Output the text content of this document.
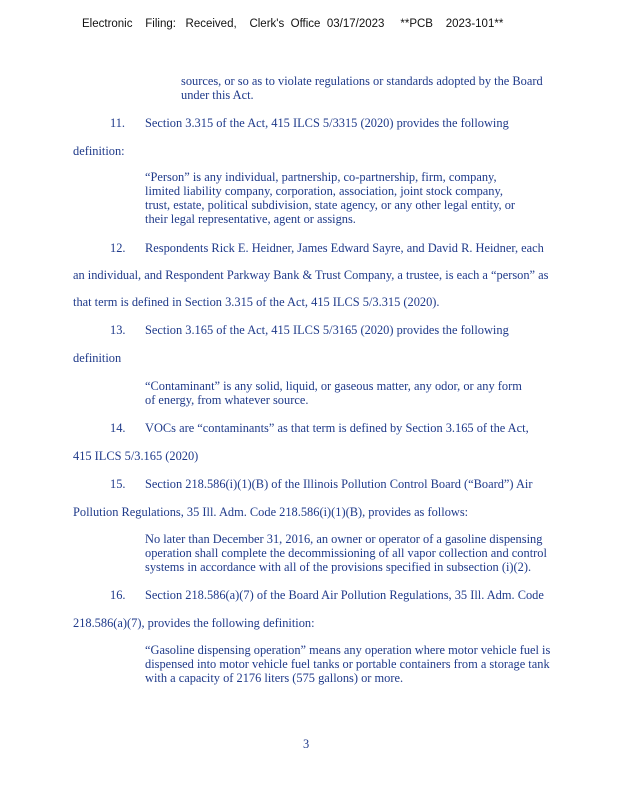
Electronic    Filing:   Received,    Clerk's  Office  03/17/2023     **PCB    2023-101**
sources, or so as to violate regulations or standards adopted by the Board
under this Act.
11. Section 3.315 of the Act, 415 ILCS 5/3315 (2020) provides the following
definition:
“Person” is any individual, partnership, co-partnership, firm, company,
limited liability company, corporation, association, joint stock company,
trust, estate, political subdivision, state agency, or any other legal entity, or
their legal representative, agent or assigns.
12. Respondents Rick E. Heidner, James Edward Sayre, and David R. Heidner, each
an individual, and Respondent Parkway Bank & Trust Company, a trustee, is each a “person” as
that term is defined in Section 3.315 of the Act, 415 ILCS 5/3.315 (2020).
13. Section 3.165 of the Act, 415 ILCS 5/3165 (2020) provides the following
definition
“Contaminant” is any solid, liquid, or gaseous matter, any odor, or any form
of energy, from whatever source.
14. VOCs are “contaminants” as that term is defined by Section 3.165 of the Act,
415 ILCS 5/3.165 (2020)
15. Section 218.586(i)(1)(B) of the Illinois Pollution Control Board (“Board”) Air
Pollution Regulations, 35 Ill. Adm. Code 218.586(i)(1)(B), provides as follows:
No later than December 31, 2016, an owner or operator of a gasoline dispensing
operation shall complete the decommissioning of all vapor collection and control
systems in accordance with all of the provisions specified in subsection (i)(2).
16. Section 218.586(a)(7) of the Board Air Pollution Regulations, 35 Ill. Adm. Code
218.586(a)(7), provides the following definition:
“Gasoline dispensing operation” means any operation where motor vehicle fuel is
dispensed into motor vehicle fuel tanks or portable containers from a storage tank
with a capacity of 2176 liters (575 gallons) or more.
3
